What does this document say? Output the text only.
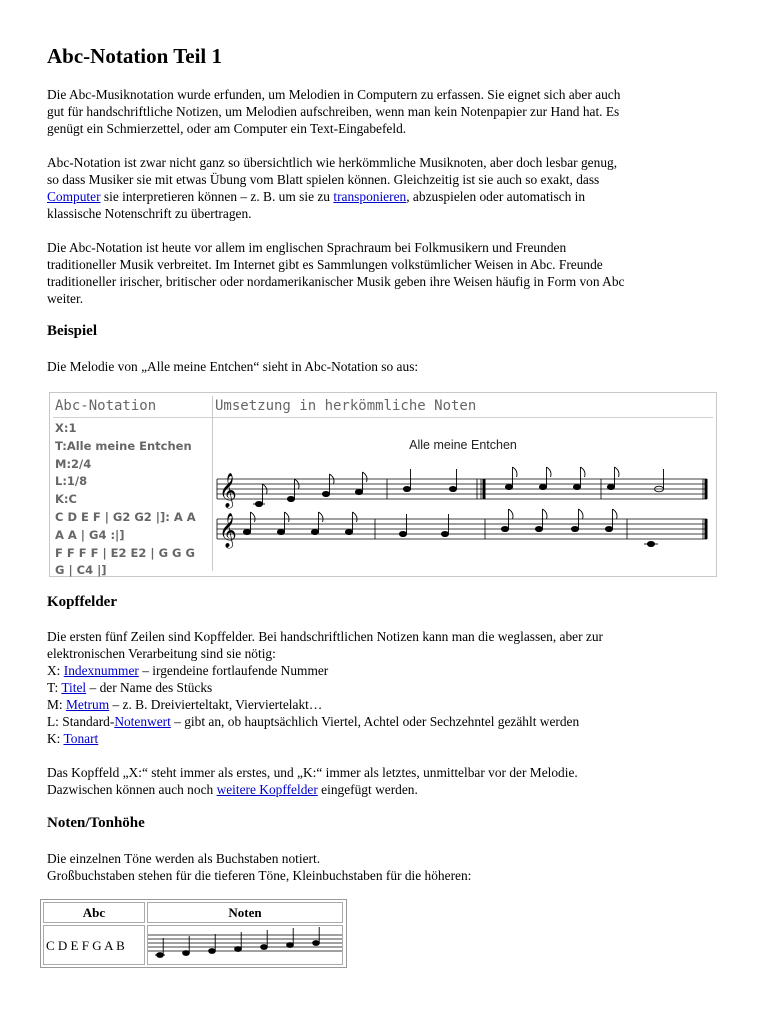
Abc-Notation Teil 1

Die Abc-Musiknotation wurde erfunden, um Melodien in Computern zu erfassen. Sie eignet sich aber auch
gut für handschriftliche Notizen, um Melodien aufschreiben, wenn man kein Notenpapier zur Hand hat. Es
genügt ein Schmierzettel, oder am Computer ein Text-Eingabefeld.

Abc-Notation ist zwar nicht ganz so übersichtlich wie herkömmliche Musiknoten, aber doch lesbar genug,
so dass Musiker sie mit etwas Übung vom Blatt spielen können. Gleichzeitig ist sie auch so exakt, dass
Computer sie interpretieren können – z. B. um sie zu transponieren, abzuspielen oder automatisch in
klassische Notenschrift zu übertragen.

Die Abc-Notation ist heute vor allem im englischen Sprachraum bei Folkmusikern und Freunden
traditioneller Musik verbreitet. Im Internet gibt es Sammlungen volkstümlicher Weisen in Abc. Freunde
traditioneller irischer, britischer oder nordamerikanischer Musik geben ihre Weisen häufig in Form von Abc
weiter.

Beispiel

Die Melodie von „Alle meine Entchen“ sieht in Abc-Notation so aus:

Kopffelder

Die ersten fünf Zeilen sind Kopffelder. Bei handschriftlichen Notizen kann man die weglassen, aber zur
elektronischen Verarbeitung sind sie nötig:
X: Indexnummer – irgendeine fortlaufende Nummer
T: Titel – der Name des Stücks
M: Metrum – z. B. Dreivierteltakt, Vierviertelakt…
L: Standard-Notenwert – gibt an, ob hauptsächlich Viertel, Achtel oder Sechzehntel gezählt werden
K: Tonart

Das Kopffeld „X:“ steht immer als erstes, und „K:“ immer als letztes, unmittelbar vor der Melodie.
Dazwischen können auch noch weitere Kopffelder eingefügt werden.

Noten/Tonhöhe

Die einzelnen Töne werden als Buchstaben notiert.
Großbuchstaben stehen für die tieferen Töne, Kleinbuchstaben für die höheren:

Abc-Notation
X:1
T:Alle meine Entchen
M:2/4
L:1/8
K:C
C D E F | G2 G2 |]: A A
A A | G4 :|]
F F F F | E2 E2 | G G G
G | C4 |]
Umsetzung in herkömmliche Noten
Alle meine Entchen
𝄞
𝄞
Abc	Noten
C D E F G A B
